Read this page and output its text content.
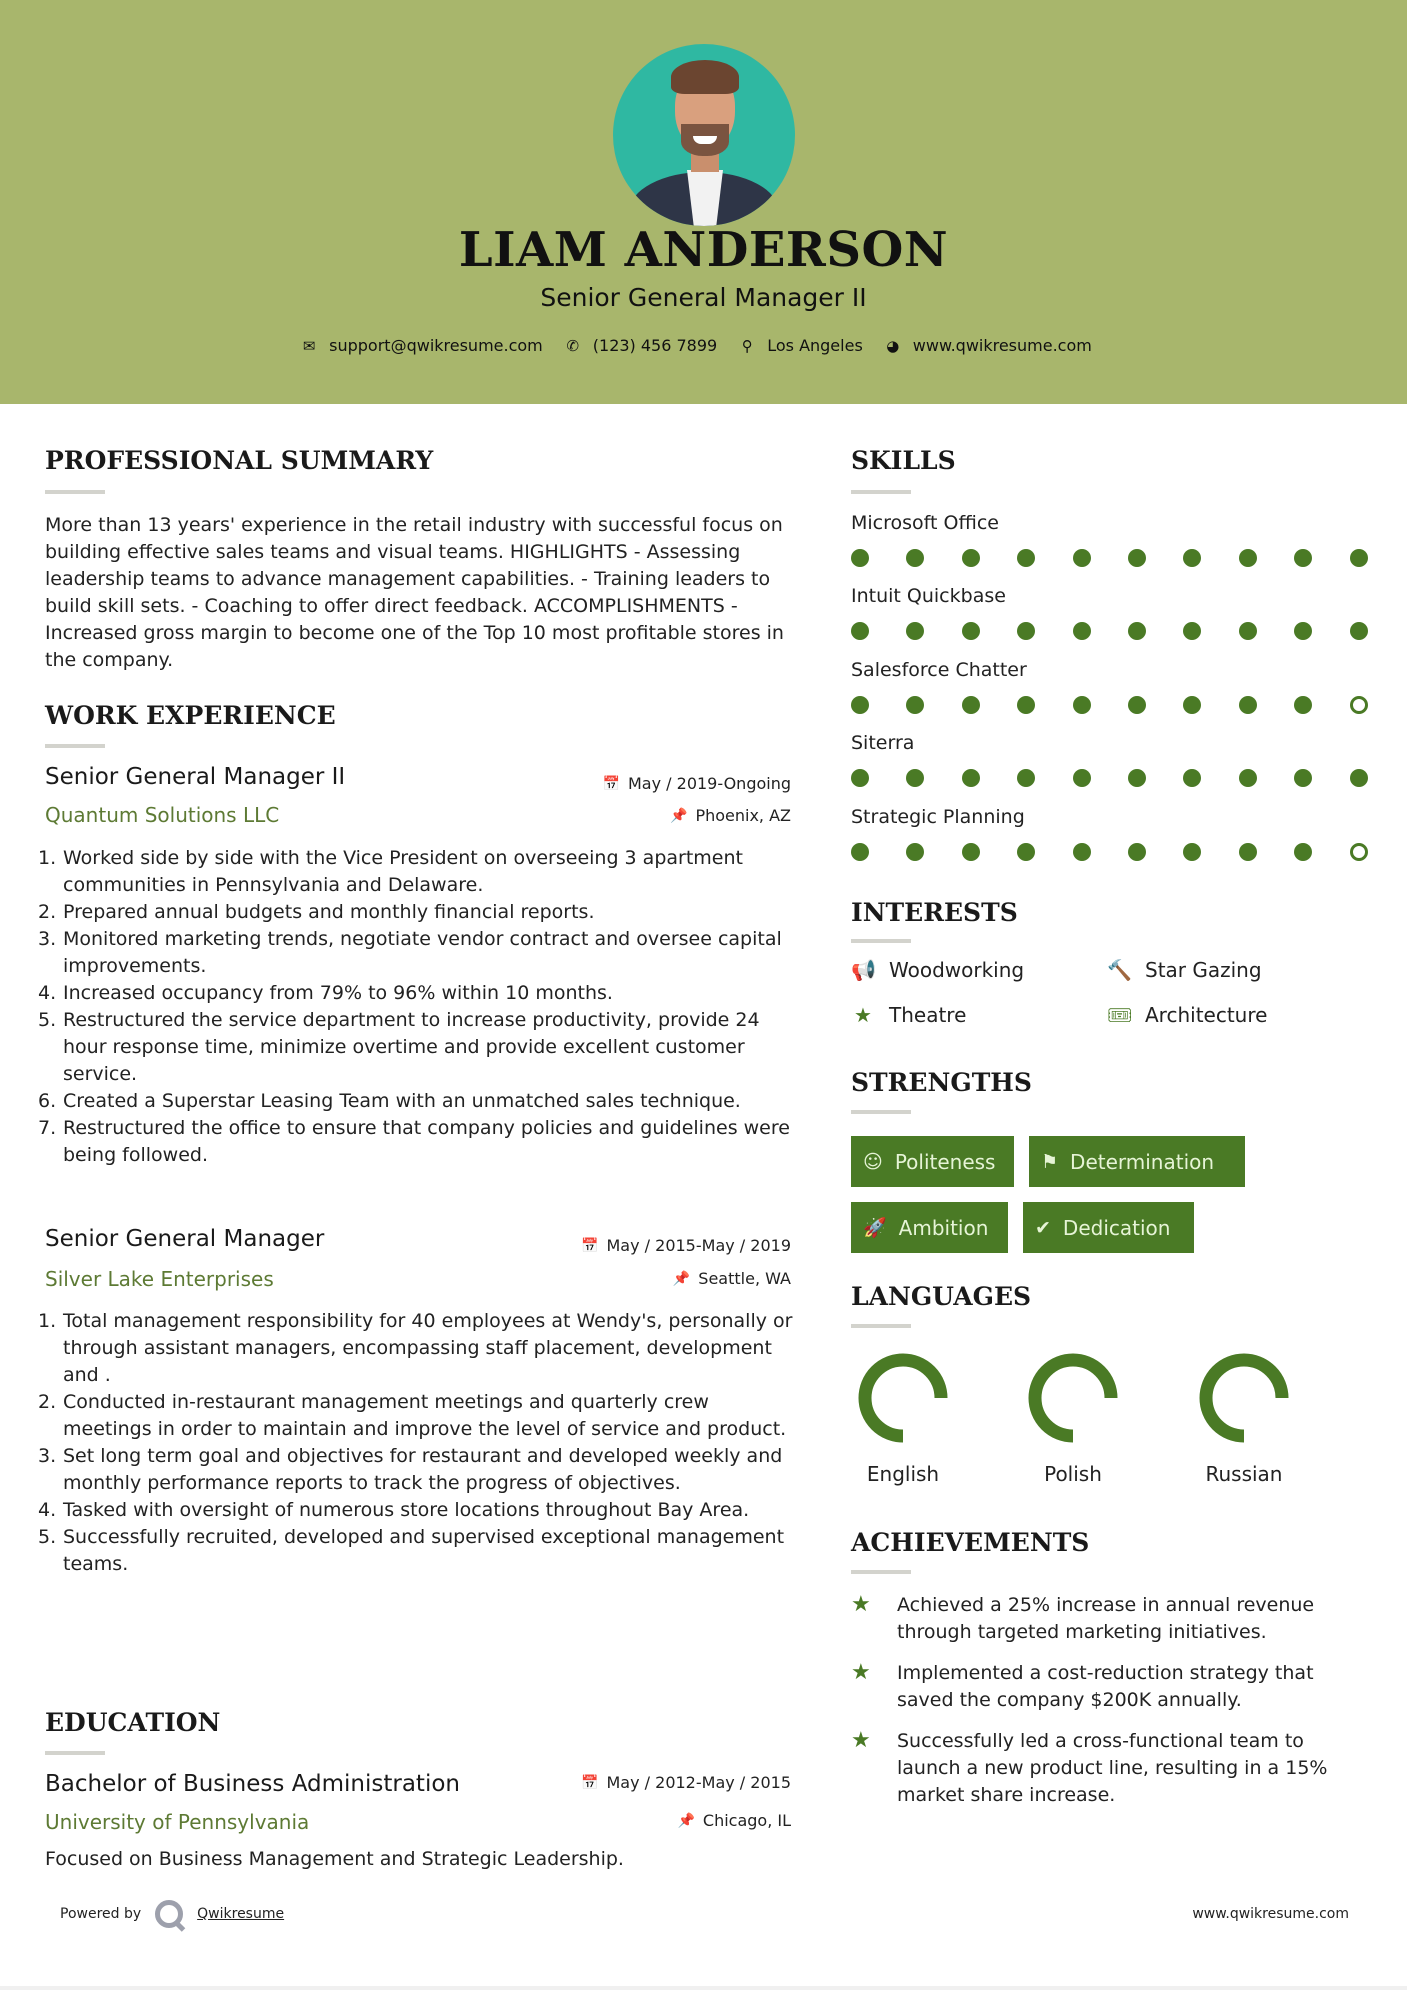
LIAM ANDERSON
Senior General Manager II
✉ support@qwikresume.com ✆ (123) 456 7899 ⚲ Los Angeles ◕ www.qwikresume.com
PROFESSIONAL SUMMARY
More than 13 years' experience in the retail industry with successful focus on building effective sales teams and visual teams. HIGHLIGHTS - Assessing leadership teams to advance management capabilities. - Training leaders to build skill sets. - Coaching to offer direct feedback. ACCOMPLISHMENTS - Increased gross margin to become one of the Top 10 most profitable stores in the company.
WORK EXPERIENCE
Senior General Manager II	📅 May / 2019-Ongoing
Quantum Solutions LLC	📌 Phoenix, AZ
1. Worked side by side with the Vice President on overseeing 3 apartment communities in Pennsylvania and Delaware.
2. Prepared annual budgets and monthly financial reports.
3. Monitored marketing trends, negotiate vendor contract and oversee capital improvements.
4. Increased occupancy from 79% to 96% within 10 months.
5. Restructured the service department to increase productivity, provide 24 hour response time, minimize overtime and provide excellent customer service.
6. Created a Superstar Leasing Team with an unmatched sales technique.
7. Restructured the office to ensure that company policies and guidelines were being followed.
Senior General Manager	📅 May / 2015-May / 2019
Silver Lake Enterprises	📌 Seattle, WA
1. Total management responsibility for 40 employees at Wendy's, personally or through assistant managers, encompassing staff placement, development and .
2. Conducted in-restaurant management meetings and quarterly crew meetings in order to maintain and improve the level of service and product.
3. Set long term goal and objectives for restaurant and developed weekly and monthly performance reports to track the progress of objectives.
4. Tasked with oversight of numerous store locations throughout Bay Area.
5. Successfully recruited, developed and supervised exceptional management teams.
EDUCATION
Bachelor of Business Administration	📅 May / 2012-May / 2015
University of Pennsylvania	📌 Chicago, IL
Focused on Business Management and Strategic Leadership.
SKILLS
Microsoft Office
Intuit Quickbase
Salesforce Chatter
Siterra
Strategic Planning
INTERESTS
📢 Woodworking	🔨 Star Gazing
★ Theatre	🎟 Architecture
STRENGTHS
☺ Politeness ⚑ Determination
🚀 Ambition ✔ Dedication
LANGUAGES
English	Polish	Russian
ACHIEVEMENTS
★	Achieved a 25% increase in annual revenue through targeted marketing initiatives.
★	Implemented a cost-reduction strategy that saved the company $200K annually.
★	Successfully led a cross-functional team to launch a new product line, resulting in a 15% market share increase.
Powered by	Qwikresume	www.qwikresume.com
